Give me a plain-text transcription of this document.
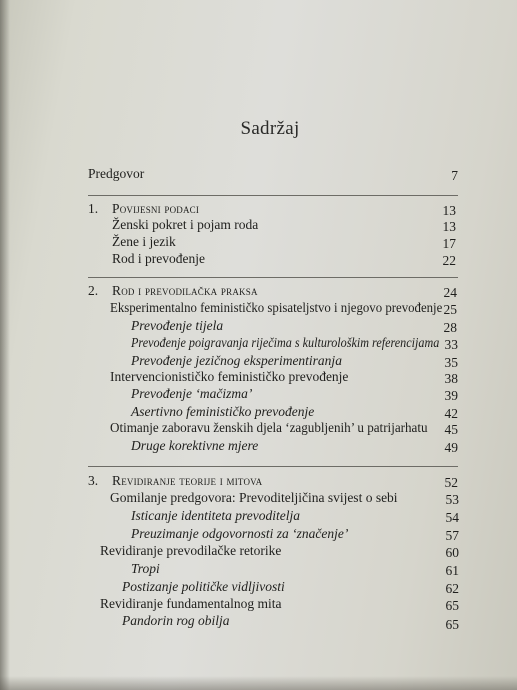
Sadržaj
Predgovor	7
1. Povijesni podaci	13
Ženski pokret i pojam roda	13
Žene i jezik	17
Rod i prevođenje	22
2. Rod i prevodilačka praksa	24
Eksperimentalno feminističko spisateljstvo i njegovo prevođenje 25
Prevođenje tijela	28
Prevođenje poigravanja riječima s kulturološkim referencijama 33
Prevođenje jezičnog eksperimentiranja	35
Intervencionističko feminističko prevođenje	38
Prevođenje ‘mačizma’	39
Asertivno feminističko prevođenje	42
Otimanje zaboravu ženskih djela ‘zagubljenih’ u patrijarhatu	45
Druge korektivne mjere	49
3. Revidiranje teorije i mitova	52
Gomilanje predgovora: Prevoditeljičina svijest o sebi	53
Isticanje identiteta prevoditelja	54
Preuzimanje odgovornosti za ‘značenje’	57
Revidiranje prevodilačke retorike	60
Tropi	61
Postizanje političke vidljivosti	62
Revidiranje fundamentalnog mita	65
Pandorin rog obilja	65
